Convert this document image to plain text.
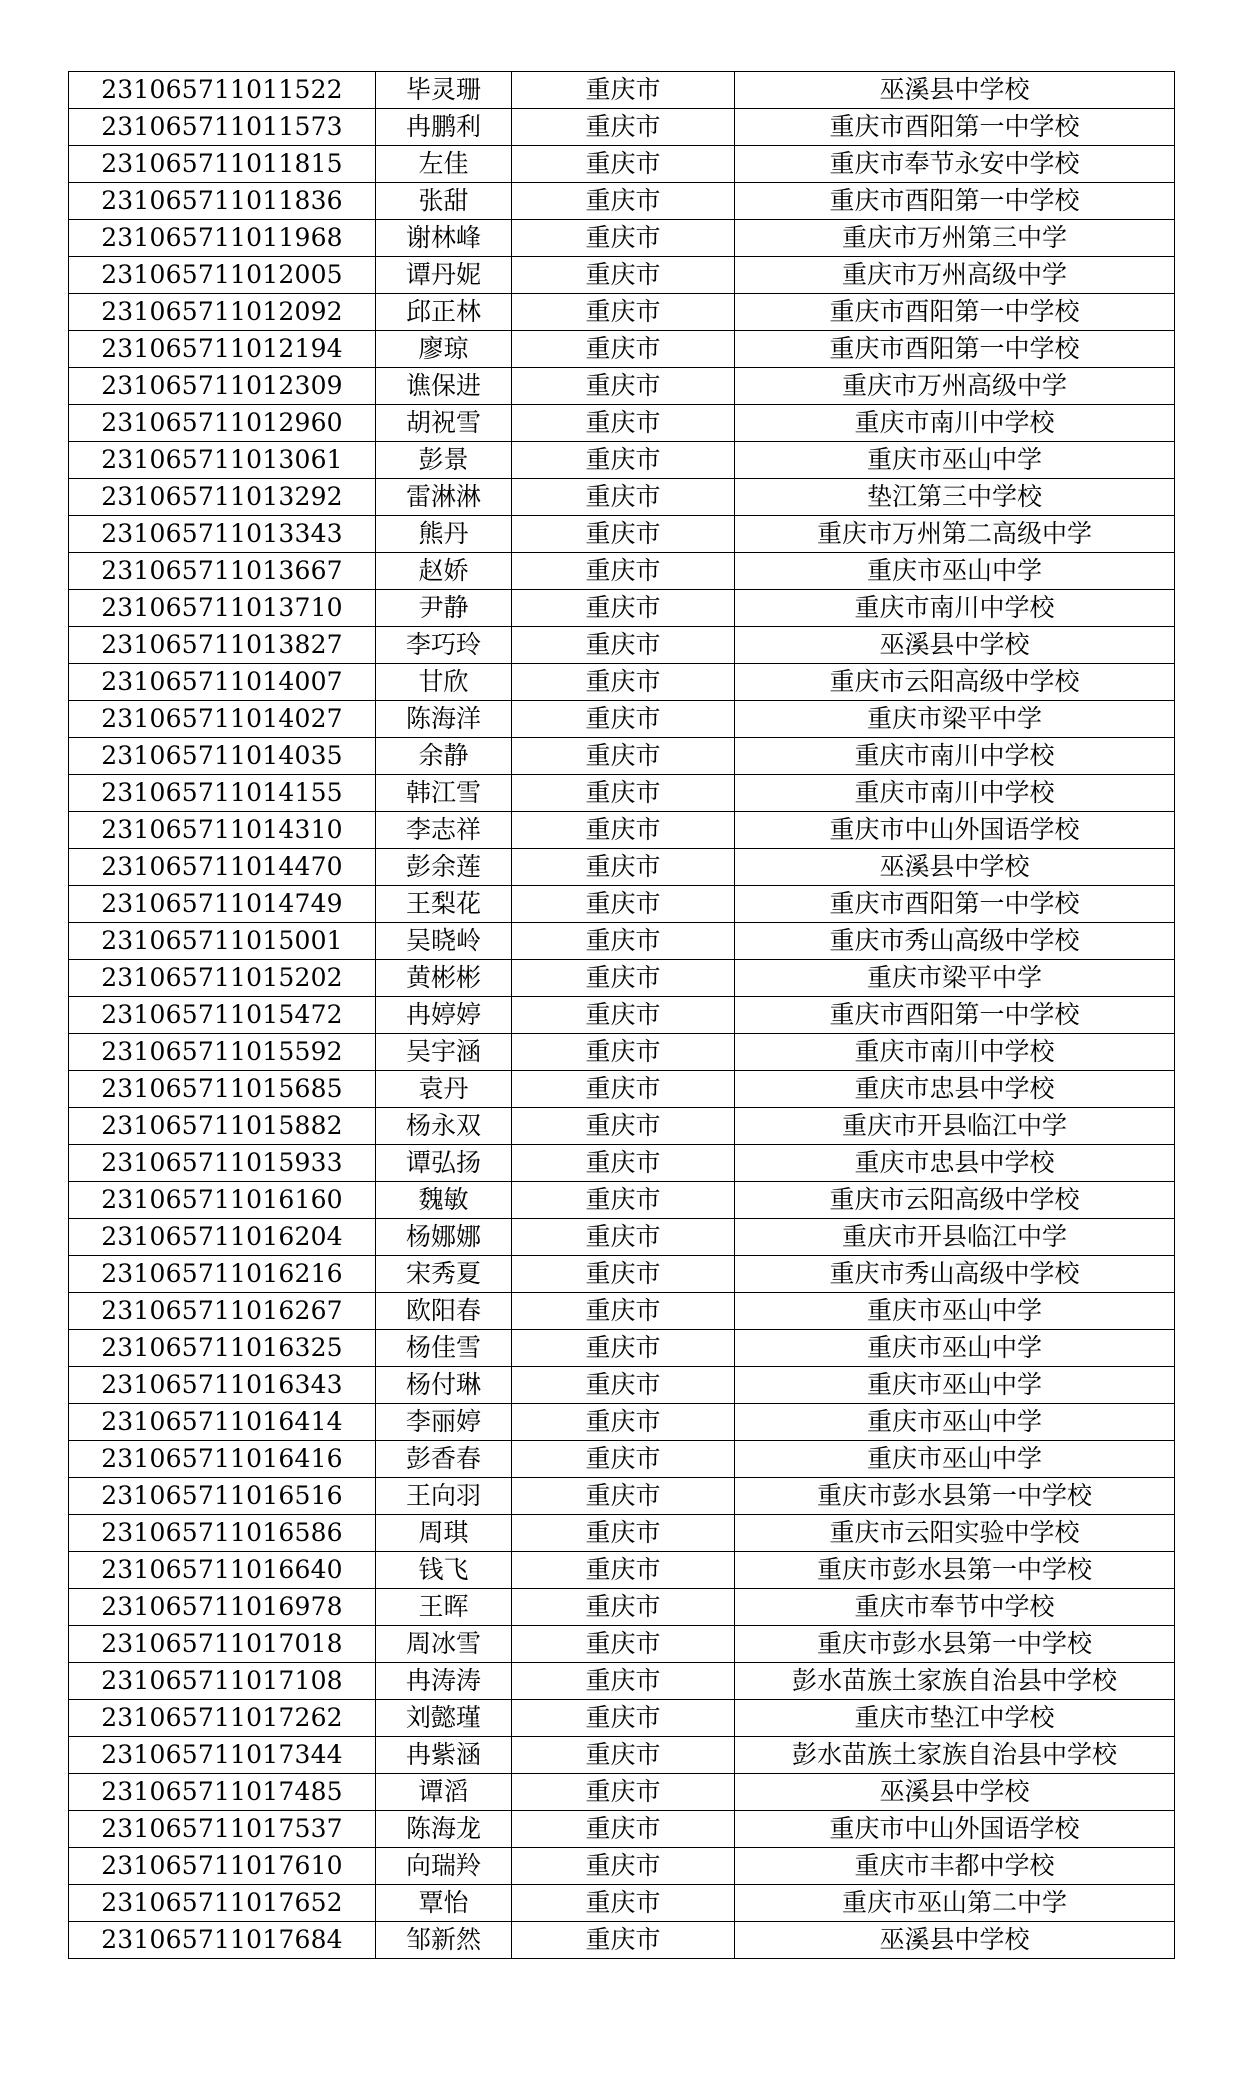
231065711011522	毕灵珊	重庆市	巫溪县中学校
231065711011573	冉鹏利	重庆市	重庆市酉阳第一中学校
231065711011815	左佳	重庆市	重庆市奉节永安中学校
231065711011836	张甜	重庆市	重庆市酉阳第一中学校
231065711011968	谢林峰	重庆市	重庆市万州第三中学
231065711012005	谭丹妮	重庆市	重庆市万州高级中学
231065711012092	邱正林	重庆市	重庆市酉阳第一中学校
231065711012194	廖琼	重庆市	重庆市酉阳第一中学校
231065711012309	谯保进	重庆市	重庆市万州高级中学
231065711012960	胡祝雪	重庆市	重庆市南川中学校
231065711013061	彭景	重庆市	重庆市巫山中学
231065711013292	雷淋淋	重庆市	垫江第三中学校
231065711013343	熊丹	重庆市	重庆市万州第二高级中学
231065711013667	赵娇	重庆市	重庆市巫山中学
231065711013710	尹静	重庆市	重庆市南川中学校
231065711013827	李巧玲	重庆市	巫溪县中学校
231065711014007	甘欣	重庆市	重庆市云阳高级中学校
231065711014027	陈海洋	重庆市	重庆市梁平中学
231065711014035	余静	重庆市	重庆市南川中学校
231065711014155	韩江雪	重庆市	重庆市南川中学校
231065711014310	李志祥	重庆市	重庆市中山外国语学校
231065711014470	彭余莲	重庆市	巫溪县中学校
231065711014749	王梨花	重庆市	重庆市酉阳第一中学校
231065711015001	吴晓岭	重庆市	重庆市秀山高级中学校
231065711015202	黄彬彬	重庆市	重庆市梁平中学
231065711015472	冉婷婷	重庆市	重庆市酉阳第一中学校
231065711015592	吴宇涵	重庆市	重庆市南川中学校
231065711015685	袁丹	重庆市	重庆市忠县中学校
231065711015882	杨永双	重庆市	重庆市开县临江中学
231065711015933	谭弘扬	重庆市	重庆市忠县中学校
231065711016160	魏敏	重庆市	重庆市云阳高级中学校
231065711016204	杨娜娜	重庆市	重庆市开县临江中学
231065711016216	宋秀夏	重庆市	重庆市秀山高级中学校
231065711016267	欧阳春	重庆市	重庆市巫山中学
231065711016325	杨佳雪	重庆市	重庆市巫山中学
231065711016343	杨付琳	重庆市	重庆市巫山中学
231065711016414	李丽婷	重庆市	重庆市巫山中学
231065711016416	彭香春	重庆市	重庆市巫山中学
231065711016516	王向羽	重庆市	重庆市彭水县第一中学校
231065711016586	周琪	重庆市	重庆市云阳实验中学校
231065711016640	钱飞	重庆市	重庆市彭水县第一中学校
231065711016978	王晖	重庆市	重庆市奉节中学校
231065711017018	周冰雪	重庆市	重庆市彭水县第一中学校
231065711017108	冉涛涛	重庆市	彭水苗族土家族自治县中学校
231065711017262	刘懿瑾	重庆市	重庆市垫江中学校
231065711017344	冉紫涵	重庆市	彭水苗族土家族自治县中学校
231065711017485	谭滔	重庆市	巫溪县中学校
231065711017537	陈海龙	重庆市	重庆市中山外国语学校
231065711017610	向瑞羚	重庆市	重庆市丰都中学校
231065711017652	覃怡	重庆市	重庆市巫山第二中学
231065711017684	邹新然	重庆市	巫溪县中学校
